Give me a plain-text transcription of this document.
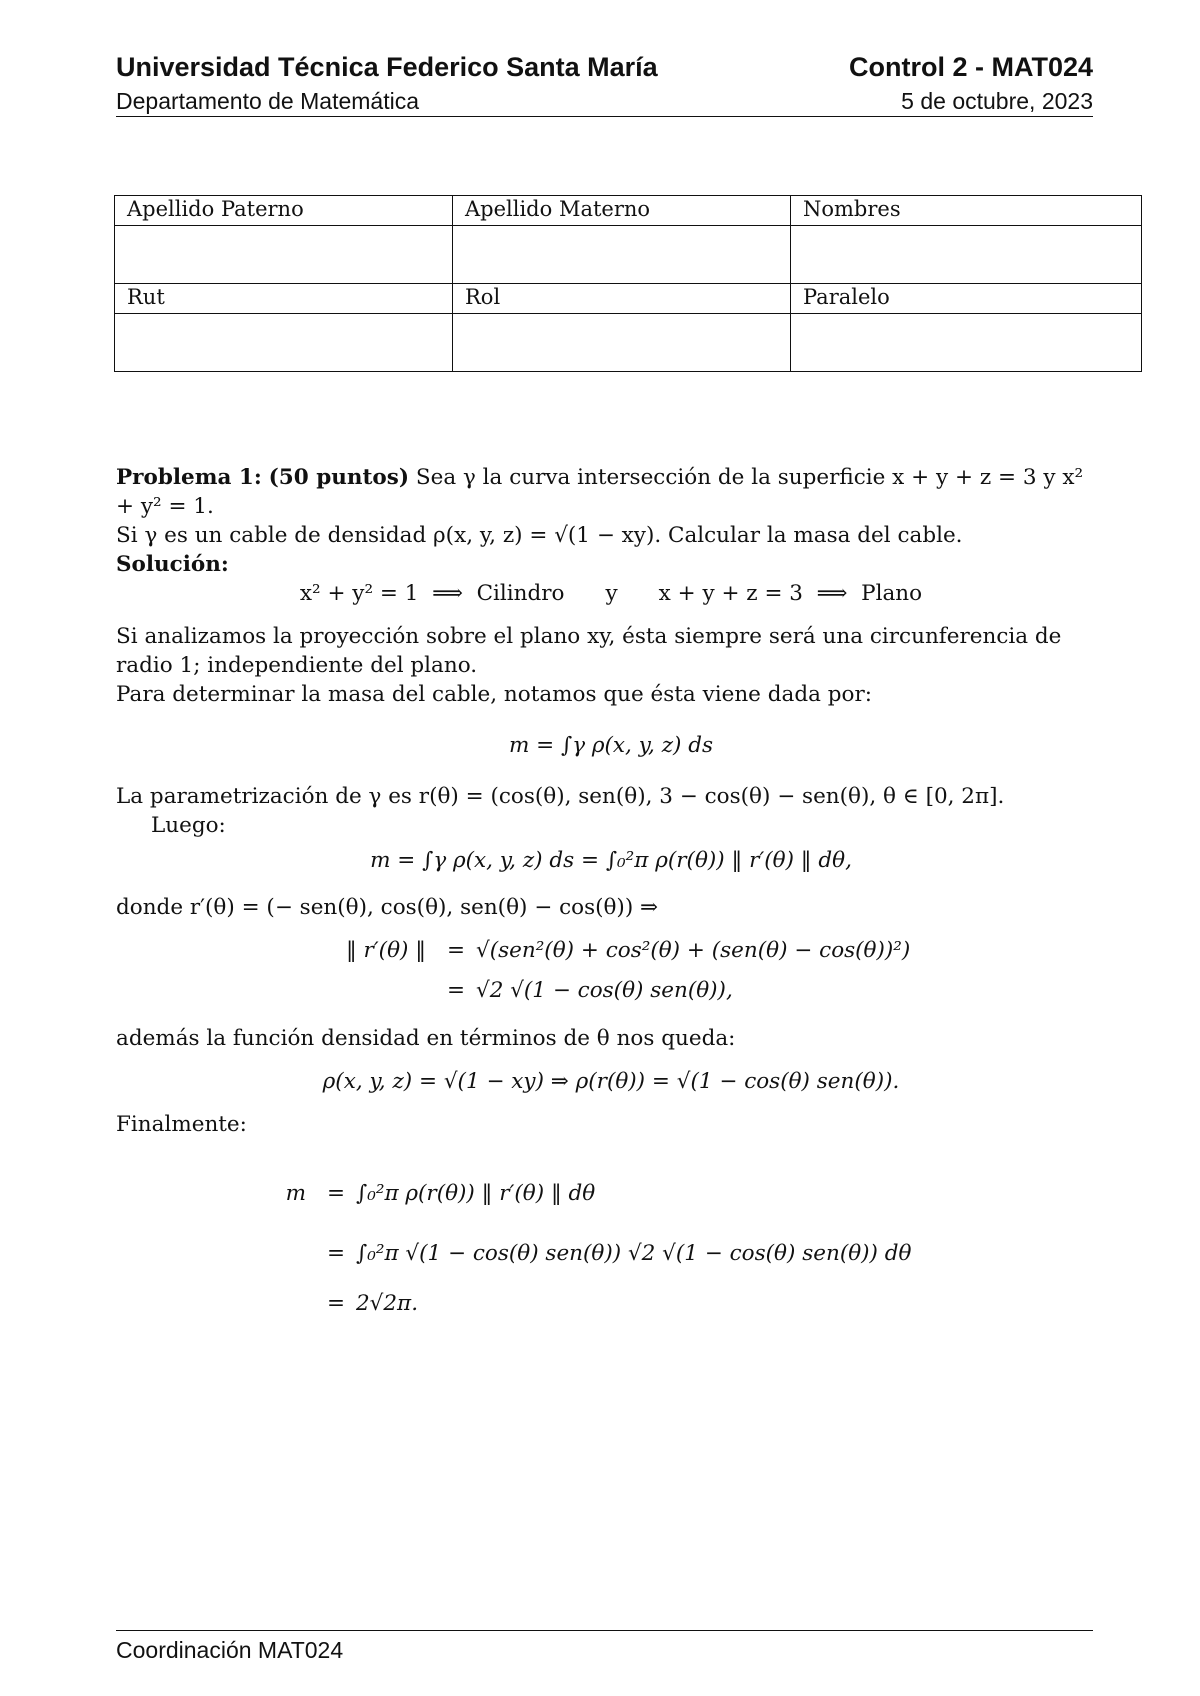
Universidad Técnica Federico Santa María	Control 2 - MAT024
Departamento de Matemática	5 de octubre, 2023
Apellido Paterno	Apellido Materno	Nombres

Rut	Rol	Paralelo

Problema 1: (50 puntos) Sea γ la curva intersección de la superficie x + y + z = 3 y x² + y² = 1.

Si γ es un cable de densidad ρ(x, y, z) = √(1 − xy). Calcular la masa del cable.

Solución:

x² + y² = 1  ⟹  Cilindro      y      x + y + z = 3  ⟹  Plano

Si analizamos la proyección sobre el plano xy, ésta siempre será una circunferencia de radio 1; independiente del plano.

Para determinar la masa del cable, notamos que ésta viene dada por:

m = ∫γ ρ(x, y, z) ds

La parametrización de γ es r(θ) = (cos(θ), sen(θ), 3 − cos(θ) − sen(θ), θ ∈ [0, 2π].

Luego:

m = ∫γ ρ(x, y, z) ds = ∫₀²π ρ(r(θ)) ‖ r′(θ) ‖ dθ,

donde r′(θ) = (− sen(θ), cos(θ), sen(θ) − cos(θ)) ⇒

‖ r′(θ) ‖ = √(sen²(θ) + cos²(θ) + (sen(θ) − cos(θ))²)
= √2 √(1 − cos(θ) sen(θ)),

además la función densidad en términos de θ nos queda:

ρ(x, y, z) = √(1 − xy) ⇒ ρ(r(θ)) = √(1 − cos(θ) sen(θ)).

Finalmente:

m = ∫₀²π ρ(r(θ)) ‖ r′(θ) ‖ dθ
= ∫₀²π √(1 − cos(θ) sen(θ)) √2 √(1 − cos(θ) sen(θ)) dθ
= 2√2π.
Coordinación MAT024
